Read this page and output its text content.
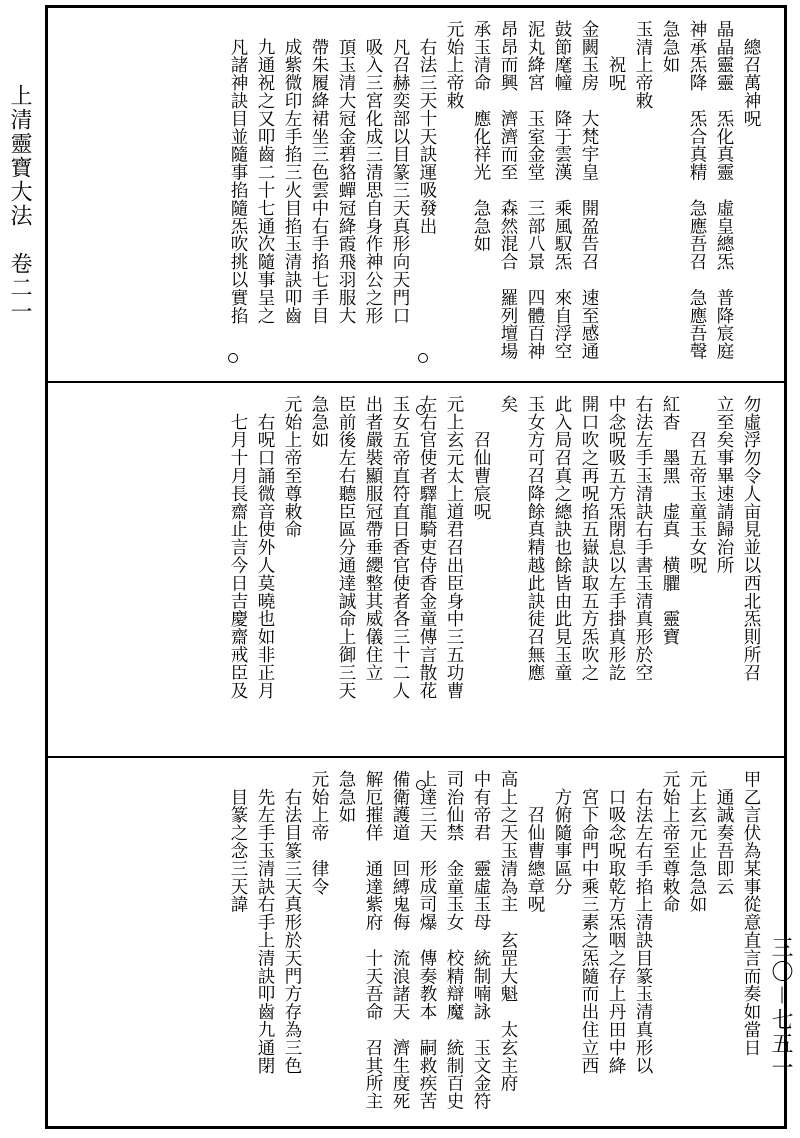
上清靈寶大法　卷二一
三〇－七五一
　總召萬神呪
晶晶靈靈　炁化真靈　虛皇總炁　普降宸庭
神承炁降　炁合真精　急應吾召　急應吾聲
急急如
玉清上帝敕
　　祝呪
金闕玉房　大梵宇皇　開盈告召　速至感通
鼓節麾幢　降于雲漢　乘風馭炁　來自浮空
泥丸絳宮　玉室金堂　三部八景　四體百神
昂昂而興　濟濟而至　森然混合　羅列壇場
承玉清命　應化祥光　急急如
元始上帝敕
　右法三天十天訣運吸發出
　凡召赫奕部以目篆三天真形向天門口
　吸入三宮化成三清思自身作神公之形
　頂玉清大冠金碧貉蟬冠絳霞飛羽服大
　帶朱履絳裙坐三色雲中右手掐七手目
　成紫微印左手掐三火目掐玉清訣叩齒
　九通祝之又叩齒二十七通次隨事呈之
　凡諸神訣目並隨事掐隨炁吹挑以實掐
勿虛浮勿令人亩見並以西北炁則所召
立至矣事畢速請歸治所
　　召五帝玉童玉女呪
紅杳　墨黑　虚真　横臞　靈寶
右法左手玉清訣右手書玉清真形於空
中念呪吸五方炁閉息以左手掛真形訖
開口吹之再呪掐五嶽訣取五方炁吹之
此入局召真之總訣也餘皆由此見玉童
玉女方可召降餘真精越此訣徒召無應
矣
　　召仙曹宸呪
元上玄元太上道君召出臣身中三五功曹
左右官使者驛龍騎吏侍香金童傳言散花
玉女五帝直符直日香官使者各三十二人
出者嚴裝顯服冠帶垂纓整其威儀住立
臣前後左右聽臣區分通達誠命上御三天
急急如
元始上帝至尊敕命
　右呪口誦微音使外人莫曉也如非正月
　七月十月長齋止言今日吉慶齋戒臣及
甲乙言伏為某事從意直言而奏如當日
　通誠奏吾即云
元上玄元止急急如
元始上帝至尊敕命
　右法左右手掐上清訣目篆玉清真形以
　口吸念呪取乾方炁咽之存上丹田中絳
　宮下命門中乘三素之炁隨而出住立西
　方俯隨事區分
　　召仙曹總章呪
高上之天玉清為主　玄罡大魁　太玄主府
中有帝君　靈虛玉母　統制喃詠　玉文金符
司治仙禁　金童玉女　校精辯魔　統制百史
上達三天　形成司爆　傳奏教本　嗣救疾苦
備衛護道　回縛鬼侮　流浪諸天　濟生度死
解厄摧佯　通達紫府　十天吾命　召其所主
急急如
元始上帝　律令
　右法目篆三天真形於天門方存為三色
　先左手玉清訣右手上清訣叩齒九通閉
　目篆之念三天諱
